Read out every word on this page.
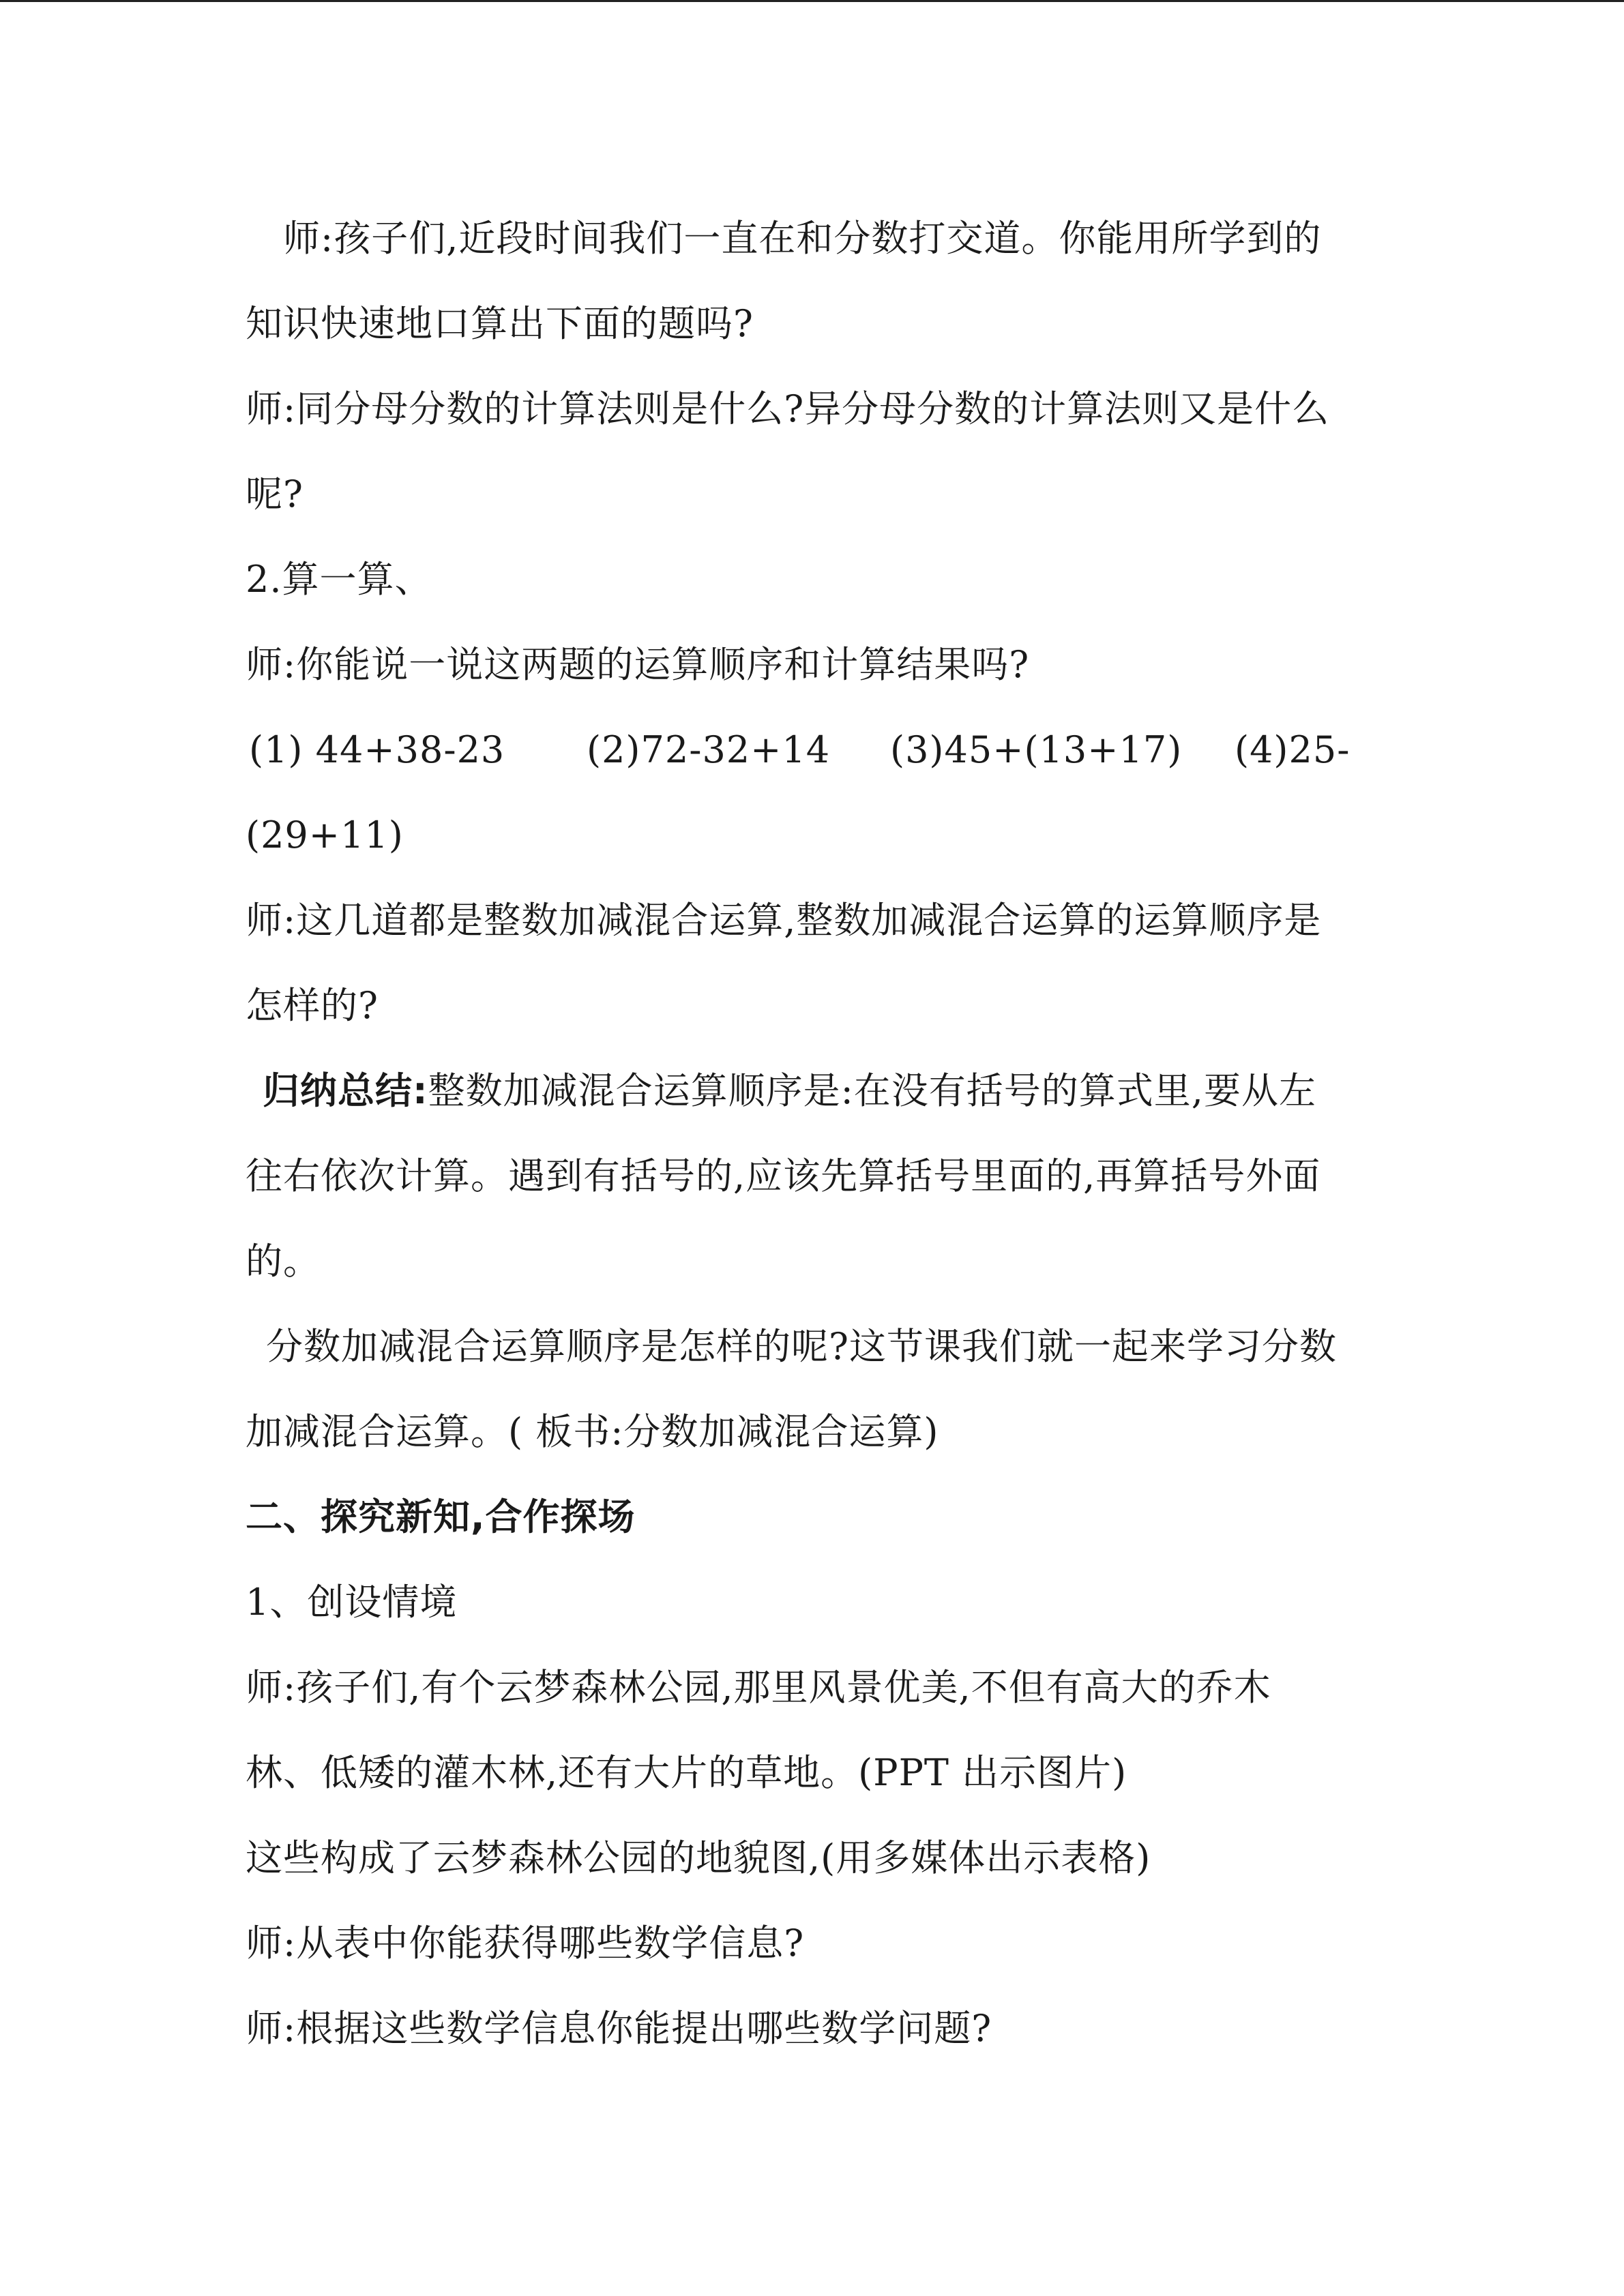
师:孩子们,近段时间我们一直在和分数打交道。你能用所学到的
知识快速地口算出下面的题吗?
师:同分母分数的计算法则是什么?异分母分数的计算法则又是什么
呢?
2.算一算、
师:你能说一说这两题的运算顺序和计算结果吗?
(1) 44+38-23 (2)72-32+14 (3)45+(13+17) (4)25-
(29+11)
师:这几道都是整数加减混合运算,整数加减混合运算的运算顺序是
怎样的?
归纳总结:整数加减混合运算顺序是:在没有括号的算式里,要从左
往右依次计算。遇到有括号的,应该先算括号里面的,再算括号外面
的。
分数加减混合运算顺序是怎样的呢?这节课我们就一起来学习分数
加减混合运算。( 板书:分数加减混合运算)
二、探究新知,合作探场
1、创设情境
师:孩子们,有个云梦森林公园,那里风景优美,不但有高大的乔木
林、低矮的灌木林,还有大片的草地。(PPT 出示图片)
这些构成了云梦森林公园的地貌图,(用多媒体出示表格)
师:从表中你能获得哪些数学信息?
师:根据这些数学信息你能提出哪些数学问题?
